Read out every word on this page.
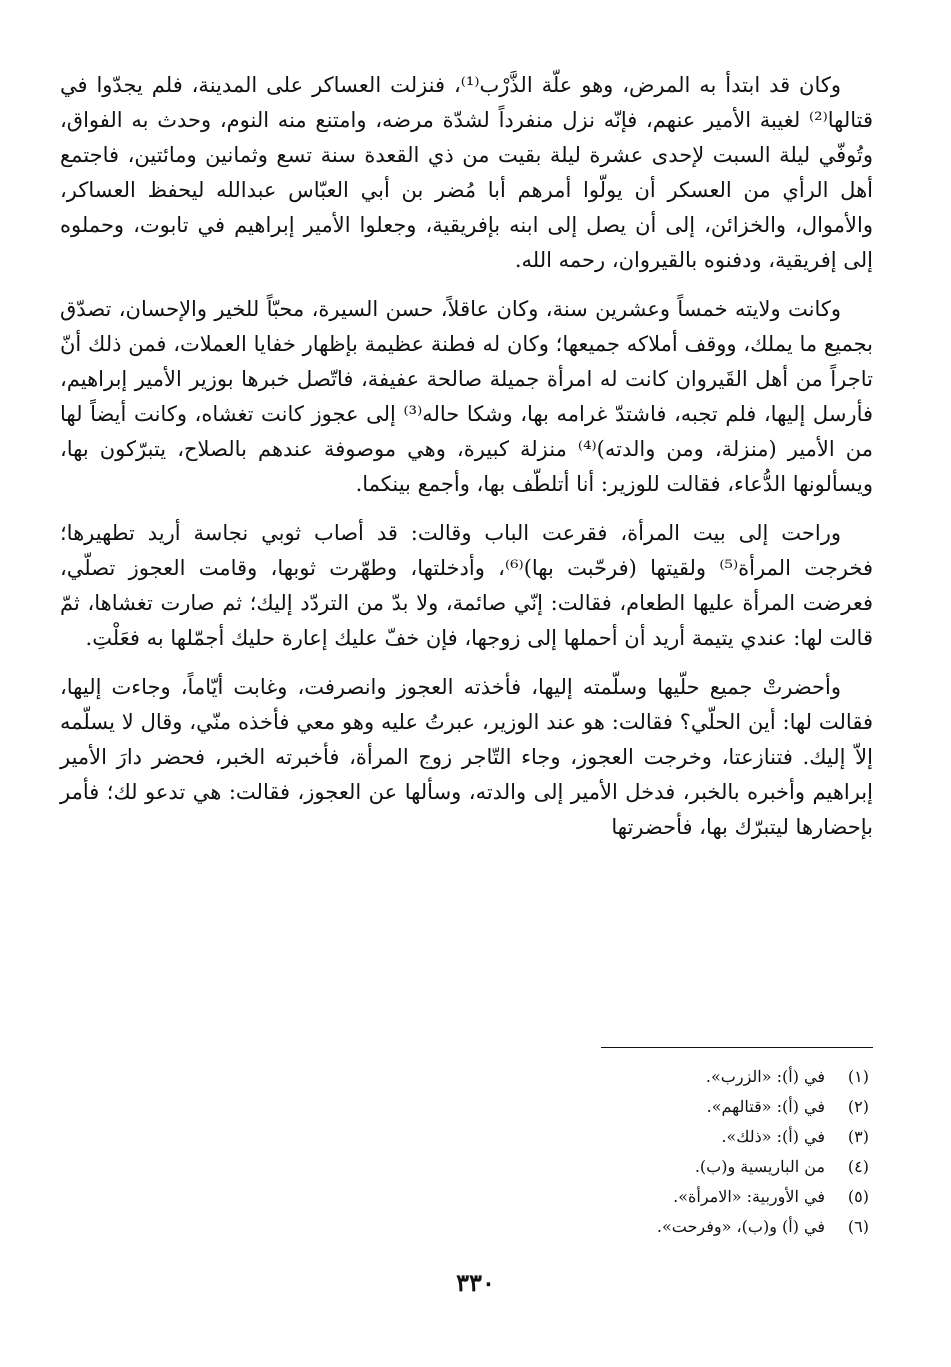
وكان قد ابتدأ به المرض، وهو علّة الذَّرْب⁽¹⁾، فنزلت العساكر على المدينة، فلم يجدّوا في قتالها⁽²⁾ لغيبة الأمير عنهم، فإنّه نزل منفرداً لشدّة مرضه، وامتنع منه النوم، وحدث به الفواق، وتُوفّي ليلة السبت لإحدى عشرة ليلة بقيت من ذي القعدة سنة تسع وثمانين ومائتين، فاجتمع أهل الرأي من العسكر أن يولّوا أمرهم أبا مُضر بن أبي العبّاس عبدالله ليحفظ العساكر، والأموال، والخزائن، إلى أن يصل إلى ابنه بإفريقية، وجعلوا الأمير إبراهيم في تابوت، وحملوه إلى إفريقية، ودفنوه بالقيروان، رحمه الله.

وكانت ولايته خمساً وعشرين سنة، وكان عاقلاً، حسن السيرة، محبّاً للخير والإحسان، تصدّق بجميع ما يملك، ووقف أملاكه جميعها؛ وكان له فطنة عظيمة بإظهار خفايا العملات، فمن ذلك أنّ تاجراً من أهل القَيروان كانت له امرأة جميلة صالحة عفيفة، فاتّصل خبرها بوزير الأمير إبراهيم، فأرسل إليها، فلم تجبه، فاشتدّ غرامه بها، وشكا حاله⁽³⁾ إلى عجوز كانت تغشاه، وكانت أيضاً لها من الأمير (منزلة، ومن والدته)⁽⁴⁾ منزلة كبيرة، وهي موصوفة عندهم بالصلاح، يتبرّكون بها، ويسألونها الدُّعاء، فقالت للوزير: أنا أتلطّف بها، وأجمع بينكما.

وراحت إلى بيت المرأة، فقرعت الباب وقالت: قد أصاب ثوبي نجاسة أريد تطهيرها؛ فخرجت المرأة⁽⁵⁾ ولقيتها (فرحّبت بها)⁽⁶⁾، وأدخلتها، وطهّرت ثوبها، وقامت العجوز تصلّي، فعرضت المرأة عليها الطعام، فقالت: إنّي صائمة، ولا بدّ من التردّد إليك؛ ثم صارت تغشاها، ثمّ قالت لها: عندي يتيمة أريد أن أحملها إلى زوجها، فإن خفّ عليك إعارة حليك أجمّلها به فعَلْتِ.

وأحضرتْ جميع حلّيها وسلّمته إليها، فأخذته العجوز وانصرفت، وغابت أيّاماً، وجاءت إليها، فقالت لها: أين الحلّي؟ فقالت: هو عند الوزير، عبرتُ عليه وهو معي فأخذه منّي، وقال لا يسلّمه إلاّ إليك. فتنازعتا، وخرجت العجوز، وجاء التّاجر زوج المرأة، فأخبرته الخبر، فحضر دارَ الأمير إبراهيم وأخبره بالخبر، فدخل الأمير إلى والدته، وسألها عن العجوز، فقالت: هي تدعو لك؛ فأمر بإحضارها ليتبرّك بها، فأحضرتها

(١)
في (أ): «الزرب».
(٢)
في (أ): «قتالهم».
(٣)
في (أ): «ذلك».
(٤)
من الباريسية و(ب).
(٥)
في الأوربية: «الامرأة».
(٦)
في (أ) و(ب)، «وفرحت».
٣٣٠
